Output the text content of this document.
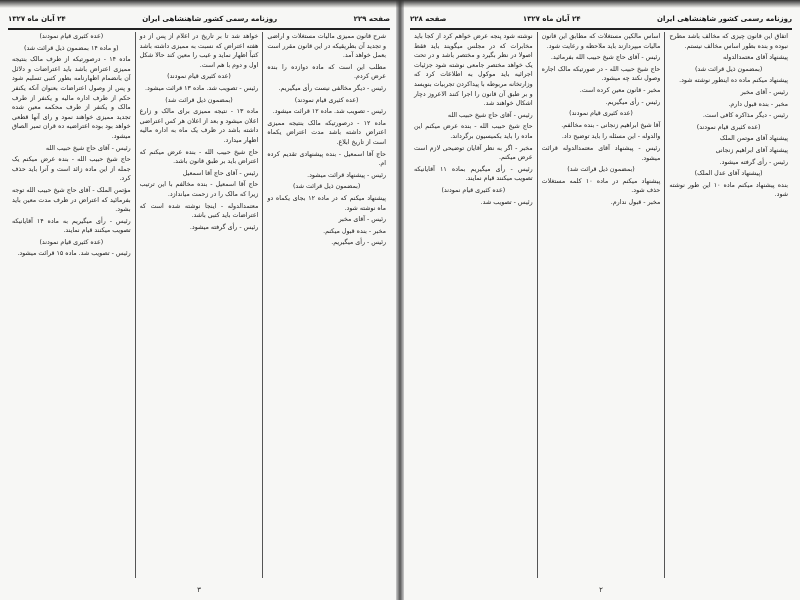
صفحه ۲۲۹
روزنامه رسمی کشور شاهنشاهی ایران
۲۴ آبان ماه ۱۳۲۷

شرح قانون ممیزی مالیات مستغلات و اراضی و تجدید آن بطریقیکه در این قانون مقرر است بعمل خواهد آمد.

مطلب این است که ماده دوازده را بنده عرض کردم.

رئیس - دیگر مخالفی نیست رأی میگیریم.

(عده کثیری قیام نمودند)

رئیس - تصویب شد. ماده ۱۲ قرائت میشود.

ماده ۱۲ - درصورتیکه مالک بنتیجه ممیزی اعتراض داشته باشد مدت اعتراض یکماه است از تاریخ ابلاغ.

حاج آقا اسمعیل - بنده پیشنهادی تقدیم کرده ام.

رئیس - پیشنهاد قرائت میشود.

(بمضمون ذیل قرائت شد)

پیشنهاد میکنم که در ماده ۱۲ بجای یکماه دو ماه نوشته شود.

رئیس - آقای مخبر

مخبر - بنده قبول میکنم.

رئیس - رأی میگیریم.

خواهد شد تا بر تاریخ در اعلام از پس از دو هفته اعتراض که نسبت به ممیزی داشته باشد کتباً اظهار نماید و عیب را معین کند حالا شکل اول و دوم با هم است.

(عده کثیری قیام نمودند)

رئیس - تصویب شد. ماده ۱۳ قرائت میشود.

(بمضمون ذیل قرائت شد)

ماده ۱۳ - نتیجه ممیزی برای مالک و زارع اعلان میشود و بعد از اعلان هر کس اعتراضی داشته باشد در ظرف یک ماه به اداره مالیه اظهار میدارد.

حاج شیخ حبیب الله - بنده عرض میکنم که اعتراض باید بر طبق قانون باشد.

رئیس - آقای حاج آقا اسمعیل

حاج آقا اسمعیل - بنده مخالفم با این ترتیب زیرا که مالک را در زحمت میاندازد.

معتمدالدوله - اینجا نوشته شده است که اعتراضات باید کتبی باشد.

رئیس - رأی گرفته میشود.

(عده کثیری قیام نمودند)

(و ماده ۱۴ بمضمون ذیل قرائت شد)

ماده ۱۴ - درصورتیکه از طرف مالک بنتیجه ممیزی اعتراض باشد باید اعتراضات و دلائل آن بانضمام اظهارنامه بطور کتبی تسلیم شود و پس از وصول اعتراضات بعنوان آنکه یکنفر حکم از طرف اداره مالیه و یکنفر از طرف مالک و یکنفر از طرف محکمه معین شده تجدید ممیزی خواهند نمود و رای آنها قطعی خواهد بود بوده اعتراضیه ده قران تمبر الصاق میشود.

رئیس - آقای حاج شیخ حبیب الله

حاج شیخ حبیب الله - بنده عرض میکنم یک جمله از این ماده زائد است و آنرا باید حذف کرد.

مؤتمن الملک - آقای حاج شیخ حبیب الله توجه بفرمائید که اعتراض در ظرف مدت معین باید بشود.

رئیس - رأی میگیریم به ماده ۱۴ آقایانیکه تصویب میکنند قیام نمایند.

(عده کثیری قیام نمودند)

رئیس - تصویب شد. ماده ۱۵ قرائت میشود.

۳
روزنامه رسمی کشور شاهنشاهی ایران
۲۴ آبان ماه ۱۳۲۷
صفحه ۲۲۸

اتفاق این قانون چیزی که مخالف باشد مطرح نبوده و بنده بطور اساس مخالف نیستم.

پیشنهاد آقای معتمدالدوله

(بمضمون ذیل قرائت شد)

پیشنهاد میکنم ماده ده اینطور نوشته شود.

رئیس - آقای مخبر

مخبر - بنده قبول دارم.

رئیس - دیگر مذاکره کافی است.

(عده کثیری قیام نمودند)

پیشنهاد آقای موتمن الملک

پیشنهاد آقای ابراهیم زنجانی

رئیس - رأی گرفته میشود.

(پیشنهاد آقای عدل الملک)

بنده پیشنهاد میکنم ماده ۱۰ این طور نوشته شود.

اساس مالکین مستغلات که مطابق این قانون مالیات میپردازند باید ملاحظه و رعایت شود.

رئیس - آقای حاج شیخ حبیب الله بفرمائید.

حاج شیخ حبیب الله - در صورتیکه مالک اجاره وصول نکند چه میشود.

مخبر - قانون معین کرده است.

رئیس - رأی میگیریم.

(عده کثیری قیام نمودند)

آقا شیخ ابراهیم زنجانی - بنده مخالفم.

والدوله - این مسئله را باید توضیح داد.

رئیس - پیشنهاد آقای معتمدالدوله قرائت میشود.

(بمضمون ذیل قرائت شد)

پیشنهاد میکنم در ماده ۱۰ کلمه مستغلات حذف شود.

مخبر - قبول ندارم.

نوشته شود پنجه عرض خواهم کرد از کجا باید مخابرات که در مجلس میگویند باید فقط اصولا در نظر بگیرد و مختصر باشد و در تحت یک خواهد مختصر جامعی نوشته شود جزئیات اجرائیه باید موکول به اطلاعات کرد که وزارتخانه مربوطه با پیداکردن تجربیات بنویسد و بر طبق آن قانون را اجرا کنند الاعروز دچار اشکال خواهند شد.

رئیس - آقای حاج شیخ حبیب الله

حاج شیخ حبیب الله - بنده عرض میکنم این ماده را باید بکمیسیون برگرداند.

مخبر - اگر به نظر آقایان توضیحی لازم است عرض میکنم.

رئیس - رأی میگیریم بماده ۱۱ آقایانیکه تصویب میکنند قیام نمایند.

(عده کثیری قیام نمودند)

رئیس - تصویب شد.

۲
